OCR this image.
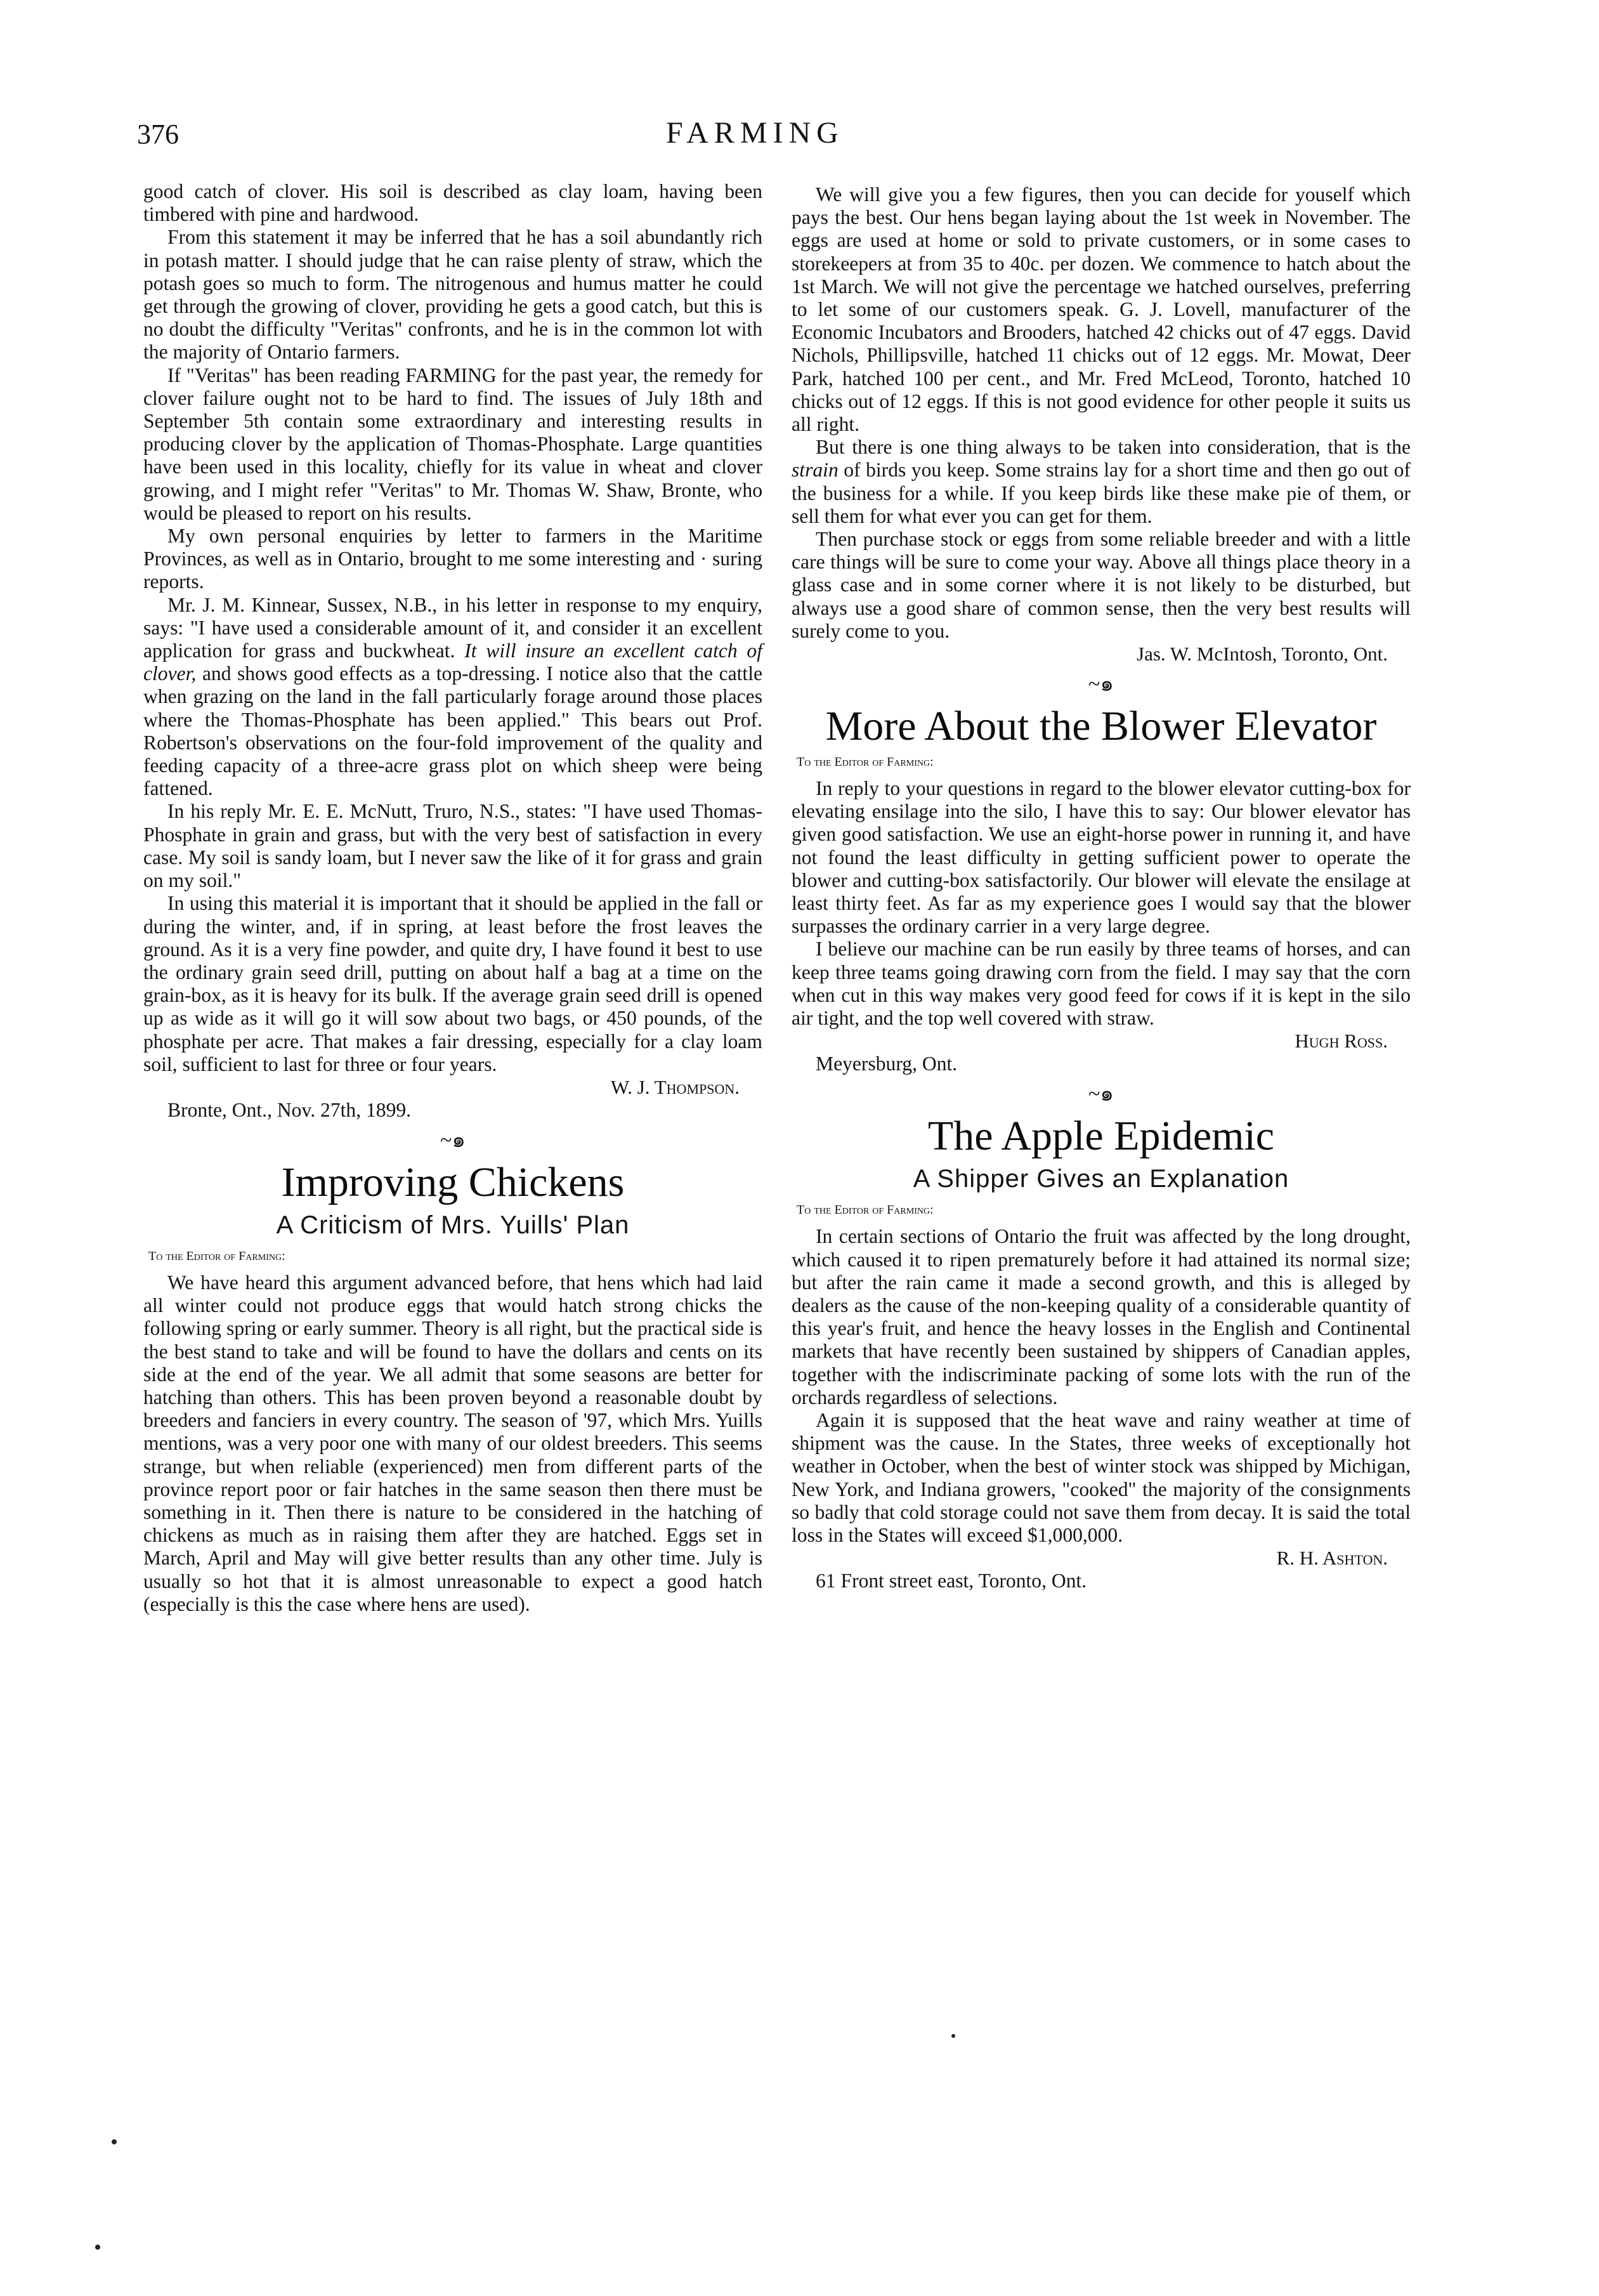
376	FARMING

good catch of clover. His soil is described as clay loam, having been timbered with pine and hardwood.

From this statement it may be inferred that he has a soil abundantly rich in potash matter. I should judge that he can raise plenty of straw, which the potash goes so much to form. The nitrogenous and humus matter he could get through the growing of clover, providing he gets a good catch, but this is no doubt the difficulty "Veritas" confronts, and he is in the common lot with the majority of Ontario farmers.

If "Veritas" has been reading FARMING for the past year, the remedy for clover failure ought not to be hard to find. The issues of July 18th and September 5th contain some extraordinary and interesting results in producing clover by the application of Thomas-Phosphate. Large quantities have been used in this locality, chiefly for its value in wheat and clover growing, and I might refer "Veritas" to Mr. Thomas W. Shaw, Bronte, who would be pleased to report on his results.

My own personal enquiries by letter to farmers in the Maritime Provinces, as well as in Ontario, brought to me some interesting and · suring reports.

Mr. J. M. Kinnear, Sussex, N.B., in his letter in response to my enquiry, says: "I have used a considerable amount of it, and consider it an excellent application for grass and buckwheat. It will insure an excellent catch of clover, and shows good effects as a top-dressing. I notice also that the cattle when grazing on the land in the fall particularly forage around those places where the Thomas-Phosphate has been applied." This bears out Prof. Robertson's observations on the four-fold improvement of the quality and feeding capacity of a three-acre grass plot on which sheep were being fattened.

In his reply Mr. E. E. McNutt, Truro, N.S., states: "I have used Thomas-Phosphate in grain and grass, but with the very best of satisfaction in every case. My soil is sandy loam, but I never saw the like of it for grass and grain on my soil."

In using this material it is important that it should be applied in the fall or during the winter, and, if in spring, at least before the frost leaves the ground. As it is a very fine powder, and quite dry, I have found it best to use the ordinary grain seed drill, putting on about half a bag at a time on the grain-box, as it is heavy for its bulk. If the average grain seed drill is opened up as wide as it will go it will sow about two bags, or 450 pounds, of the phosphate per acre. That makes a fair dressing, especially for a clay loam soil, sufficient to last for three or four years.

W. J. Thompson.
Bronte, Ont., Nov. 27th, 1899.
~๑
Improving Chickens
A Criticism of Mrs. Yuills' Plan
To the Editor of Farming:

We have heard this argument advanced before, that hens which had laid all winter could not produce eggs that would hatch strong chicks the following spring or early summer. Theory is all right, but the practical side is the best stand to take and will be found to have the dollars and cents on its side at the end of the year. We all admit that some seasons are better for hatching than others. This has been proven beyond a reasonable doubt by breeders and fanciers in every country. The season of '97, which Mrs. Yuills mentions, was a very poor one with many of our oldest breeders. This seems strange, but when reliable (experienced) men from different parts of the province report poor or fair hatches in the same season then there must be something in it. Then there is nature to be considered in the hatching of chickens as much as in raising them after they are hatched. Eggs set in March, April and May will give better results than any other time. July is usually so hot that it is almost unreasonable to expect a good hatch (especially is this the case where hens are used).

We will give you a few figures, then you can decide for youself which pays the best. Our hens began laying about the 1st week in November. The eggs are used at home or sold to private customers, or in some cases to storekeepers at from 35 to 40c. per dozen. We commence to hatch about the 1st March. We will not give the percentage we hatched ourselves, preferring to let some of our customers speak. G. J. Lovell, manufacturer of the Economic Incubators and Brooders, hatched 42 chicks out of 47 eggs. David Nichols, Phillipsville, hatched 11 chicks out of 12 eggs. Mr. Mowat, Deer Park, hatched 100 per cent., and Mr. Fred McLeod, Toronto, hatched 10 chicks out of 12 eggs. If this is not good evidence for other people it suits us all right.

But there is one thing always to be taken into consideration, that is the strain of birds you keep. Some strains lay for a short time and then go out of the business for a while. If you keep birds like these make pie of them, or sell them for what ever you can get for them.

Then purchase stock or eggs from some reliable breeder and with a little care things will be sure to come your way. Above all things place theory in a glass case and in some corner where it is not likely to be disturbed, but always use a good share of common sense, then the very best results will surely come to you.

Jas. W. McIntosh, Toronto, Ont.
~๑
More About the Blower Elevator
To the Editor of Farming:

In reply to your questions in regard to the blower elevator cutting-box for elevating ensilage into the silo, I have this to say: Our blower elevator has given good satisfaction. We use an eight-horse power in running it, and have not found the least difficulty in getting sufficient power to operate the blower and cutting-box satisfactorily. Our blower will elevate the ensilage at least thirty feet. As far as my experience goes I would say that the blower surpasses the ordinary carrier in a very large degree.

I believe our machine can be run easily by three teams of horses, and can keep three teams going drawing corn from the field. I may say that the corn when cut in this way makes very good feed for cows if it is kept in the silo air tight, and the top well covered with straw.

Hugh Ross.
Meyersburg, Ont.
~๑
The Apple Epidemic
A Shipper Gives an Explanation
To the Editor of Farming:

In certain sections of Ontario the fruit was affected by the long drought, which caused it to ripen prematurely before it had attained its normal size; but after the rain came it made a second growth, and this is alleged by dealers as the cause of the non-keeping quality of a considerable quantity of this year's fruit, and hence the heavy losses in the English and Continental markets that have recently been sustained by shippers of Canadian apples, together with the indiscriminate packing of some lots with the run of the orchards regardless of selections.

Again it is supposed that the heat wave and rainy weather at time of shipment was the cause. In the States, three weeks of exceptionally hot weather in October, when the best of winter stock was shipped by Michigan, New York, and Indiana growers, "cooked" the majority of the consignments so badly that cold storage could not save them from decay. It is said the total loss in the States will exceed $1,000,000.

R. H. Ashton.
61 Front street east, Toronto, Ont.
